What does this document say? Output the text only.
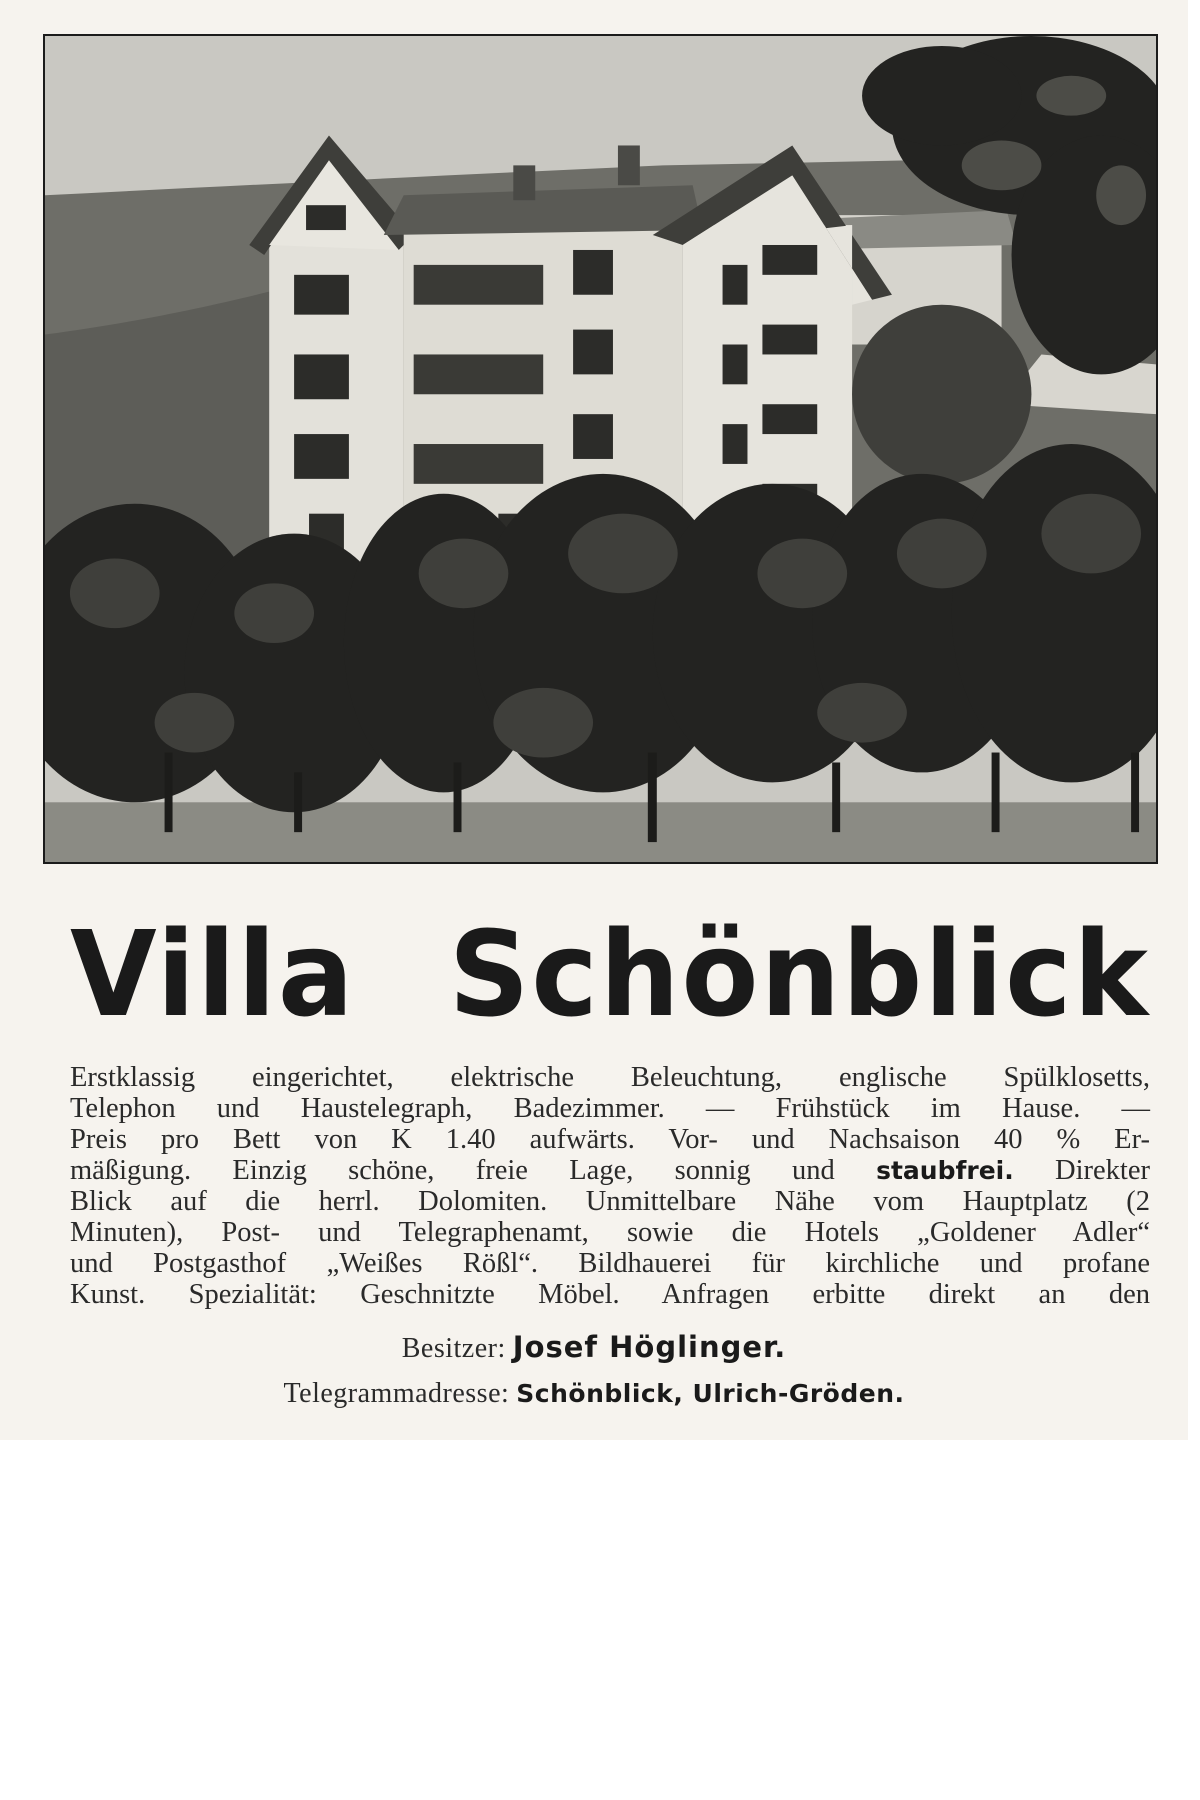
Villa Schönblick
Erstklassig eingerichtet, elektrische Beleuchtung, englische Spülklosetts,
Telephon und Haustelegraph, Badezimmer. — Frühstück im Hause. —
Preis pro Bett von K 1.40 aufwärts. Vor- und Nachsaison 40 % Er-
mäßigung. Einzig schöne, freie Lage, sonnig und staubfrei. Direkter
Blick auf die herrl. Dolomiten. Unmittelbare Nähe vom Hauptplatz (2
Minuten), Post- und Telegraphenamt, sowie die Hotels „Goldener Adler“
und Postgasthof „Weißes Rößl“. Bildhauerei für kirchliche und profane
Kunst. Spezialität: Geschnitzte Möbel. Anfragen erbitte direkt an den
Besitzer: Josef Höglinger.
Telegrammadresse: Schönblick, Ulrich-Gröden.
